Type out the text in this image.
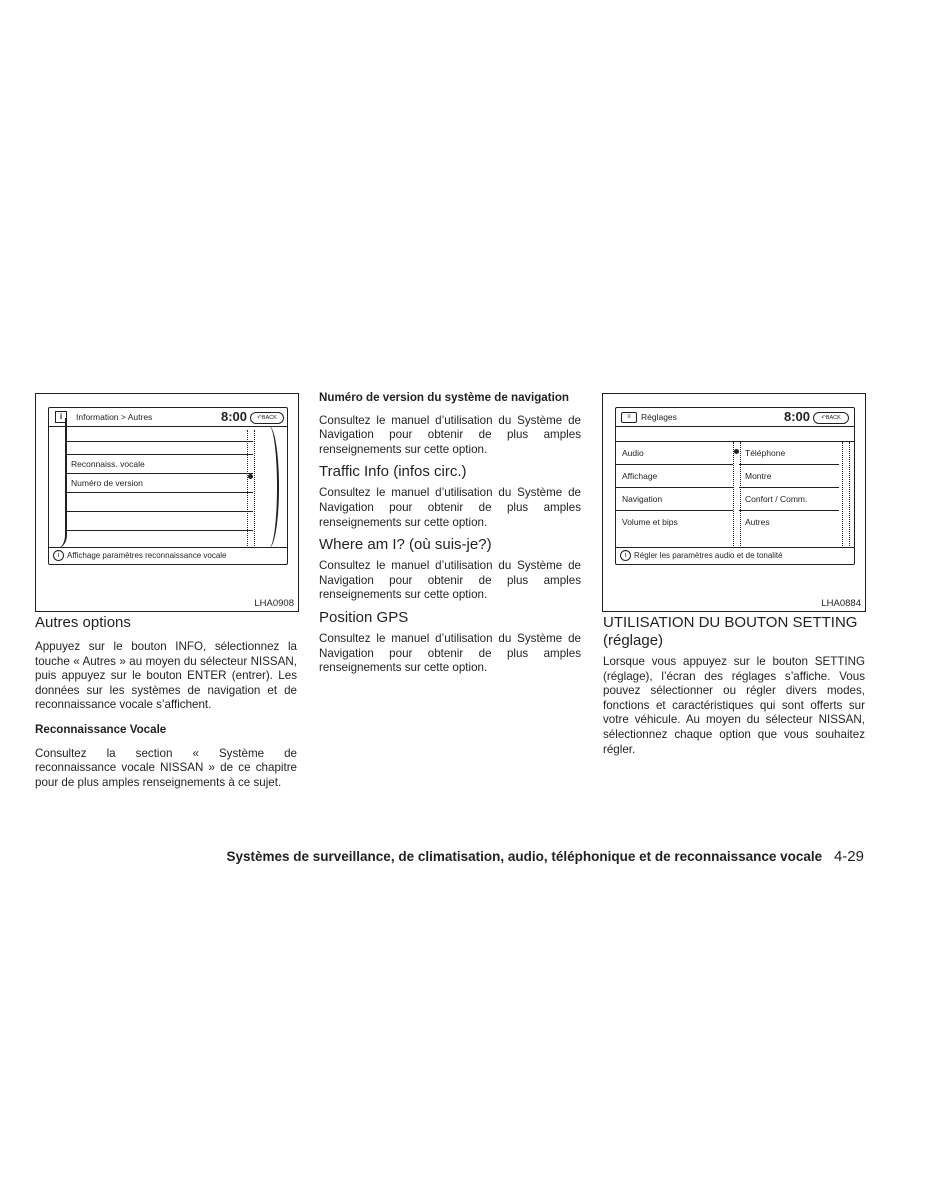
i	Information > Autres	8:00	↶BACK
Reconnaiss. vocale
Numéro de version
i Affichage paramètres reconnaissance vocale
LHA0908
Autres options

Appuyez sur le bouton INFO, sélectionnez la touche « Autres » au moyen du sélecteur NISSAN, puis appuyez sur le bouton ENTER (entrer). Les données sur les systèmes de navigation et de reconnaissance vocale s’affichent.

Reconnaissance Vocale

Consultez la section « Système de reconnaissance vocale NISSAN » de ce chapitre pour de plus amples renseignements à ce sujet.

Numéro de version du système de navigation

Consultez le manuel d’utilisation du Système de Navigation pour obtenir de plus amples renseignements sur cette option.

Traffic Info (infos circ.)

Consultez le manuel d’utilisation du Système de Navigation pour obtenir de plus amples renseignements sur cette option.

Where am I? (où suis-je?)

Consultez le manuel d’utilisation du Système de Navigation pour obtenir de plus amples renseignements sur cette option.

Position GPS

Consultez le manuel d’utilisation du Système de Navigation pour obtenir de plus amples renseignements sur cette option.

≡	Réglages	8:00	↶BACK
Audio
Affichage
Navigation
Volume et bips
Téléphone
Montre
Confort / Comm.
Autres
i Régler les paramètres audio et de tonalité
LHA0884
UTILISATION DU BOUTON SETTING (réglage)

Lorsque vous appuyez sur le bouton SETTING (réglage), l’écran des réglages s’affiche. Vous pouvez sélectionner ou régler divers modes, fonctions et caractéristiques qui sont offerts sur votre véhicule. Au moyen du sélecteur NISSAN, sélectionnez chaque option que vous souhaitez régler.

Systèmes de surveillance, de climatisation, audio, téléphonique et de reconnaissance vocale 4-29
